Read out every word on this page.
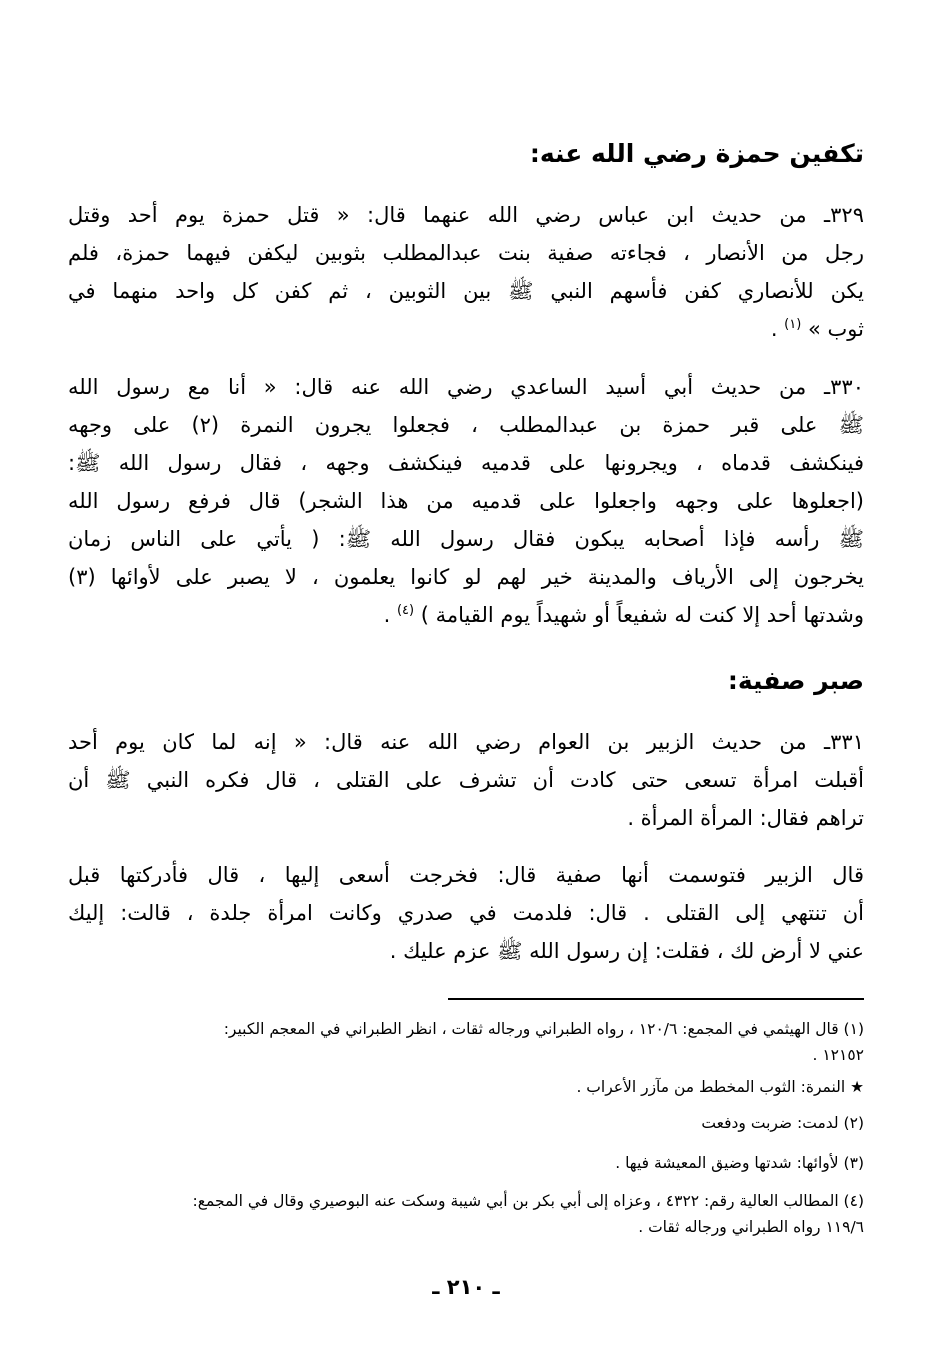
تكفين حمزة رضي الله عنه:
٣٢٩ـ من حديث ابن عباس رضي الله عنهما قال: « قتل حمزة يوم أحد وقتل
رجل من الأنصار ، فجاءته صفية بنت عبدالمطلب بثوبين ليكفن فيهما حمزة، فلم
يكن للأنصاري كفن فأسهم النبي ﷺ بين الثوبين ، ثم كفن كل واحد منهما في
ثوب » $^{(١)}$ .
٣٣٠ـ من حديث أبي أسيد الساعدي رضي الله عنه قال: « أنا مع رسول الله
ﷺ على قبر حمزة بن عبدالمطلب ، فجعلوا يجرون النمرة (٢) على وجهه
فينكشف قدماه ، ويجرونها على قدميه فينكشف وجهه ، فقال رسول الله ﷺ:
(اجعلوها على وجهه واجعلوا على قدميه من هذا الشجر) قال فرفع رسول الله
ﷺ رأسه فإذا أصحابه يبكون فقال رسول الله ﷺ: ( يأتي على الناس زمان
يخرجون إلى الأرياف والمدينة خير لهم لو كانوا يعلمون ، لا يصبر على لأوائها (٣)
وشدتها أحد إلا كنت له شفيعاً أو شهيداً يوم القيامة ) $^{(٤)}$ .
صبر صفية:
٣٣١ـ من حديث الزبير بن العوام رضي الله عنه قال: « إنه لما كان يوم أحد
أقبلت امرأة تسعى حتى كادت أن تشرف على القتلى ، قال فكره النبي ﷺ أن
تراهم فقال: المرأة المرأة .
قال الزبير فتوسمت أنها صفية قال: فخرجت أسعى إليها ، قال فأدركتها قبل
أن تنتهي إلى القتلى . قال: فلدمت في صدري وكانت امرأة جلدة ، قالت: إليك
عني لا أرض لك ، فقلت: إن رسول الله ﷺ عزم عليك .
(١) قال الهيثمي في المجمع: ١٢٠/٦ ، رواه الطبراني ورجاله ثقات ، انظر الطبراني في المعجم الكبير:
١٢١٥٢ .
★ النمرة: الثوب المخطط من مآزر الأعراب .
(٢) لدمت: ضربت ودفعت
(٣) لأوائها: شدتها وضيق المعيشة فيها .
(٤) المطالب العالية رقم: ٤٣٢٢ ، وعزاه إلى أبي بكر بن أبي شيبة وسكت عنه البوصيري وقال في المجمع:
١١٩/٦ رواه الطبراني ورجاله ثقات .
ـ ٢١٠ ـ
